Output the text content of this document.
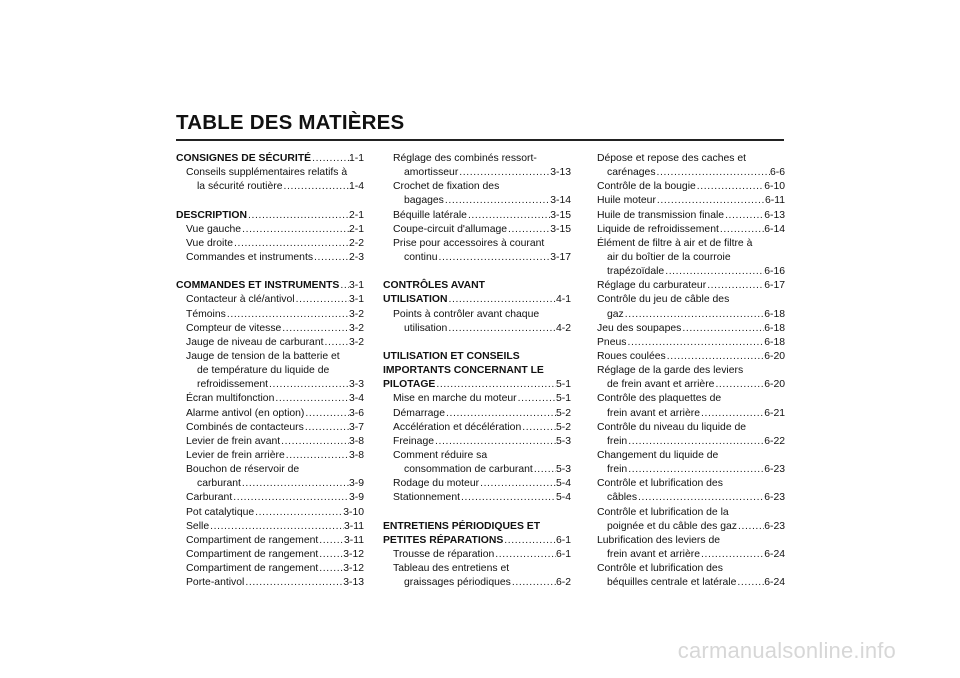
TABLE DES MATIÈRES
CONSIGNES DE SÉCURITÉ .....	1-1
Conseils supplémentaires relatifs à
la sécurité routière .....	1-4
DESCRIPTION .....	2-1
Vue gauche .....	2-1
Vue droite .....	2-2
Commandes et instruments .....	2-3
COMMANDES ET INSTRUMENTS ..... 3-1
Contacteur à clé/antivol .....	3-1
Témoins .....	3-2
Compteur de vitesse .....	3-2
Jauge de niveau de carburant ..... 3-2
Jauge de tension de la batterie et
de température du liquide de
refroidissement .....	3-3
Écran multifonction .....	3-4
Alarme antivol (en option) .....	3-6
Combinés de contacteurs .....	3-7
Levier de frein avant .....	3-8
Levier de frein arrière .....	3-8
Bouchon de réservoir de
carburant .....	3-9
Carburant .....	3-9
Pot catalytique .....	3-10
Selle .....	3-11
Compartiment de rangement ..... 3-11
Compartiment de rangement ..... 3-12
Compartiment de rangement ..... 3-12
Porte-antivol .....	3-13
Réglage des combinés ressort-
amortisseur .....	3-13
Crochet de fixation des
bagages .....	3-14
Béquille latérale .....	3-15
Coupe-circuit d'allumage .....	3-15
Prise pour accessoires à courant
continu .....	3-17
CONTRÔLES AVANT
UTILISATION .....	4-1
Points à contrôler avant chaque
utilisation .....	4-2
UTILISATION ET CONSEILS
IMPORTANTS CONCERNANT LE
PILOTAGE .....	5-1
Mise en marche du moteur .....	5-1
Démarrage .....	5-2
Accélération et décélération .....	5-2
Freinage .....	5-3
Comment réduire sa
consommation de carburant ..... 5-3
Rodage du moteur .....	5-4
Stationnement .....	5-4
ENTRETIENS PÉRIODIQUES ET
PETITES RÉPARATIONS .....	6-1
Trousse de réparation .....	6-1
Tableau des entretiens et
graissages périodiques .....	6-2
Dépose et repose des caches et
carénages .....	6-6
Contrôle de la bougie .....	6-10
Huile moteur .....	6-11
Huile de transmission finale .....	6-13
Liquide de refroidissement .....	6-14
Élément de filtre à air et de filtre à
air du boîtier de la courroie
trapézoïdale .....	6-16
Réglage du carburateur .....	6-17
Contrôle du jeu de câble des
gaz .....	6-18
Jeu des soupapes .....	6-18
Pneus .....	6-18
Roues coulées .....	6-20
Réglage de la garde des leviers
de frein avant et arrière .....	6-20
Contrôle des plaquettes de
frein avant et arrière .....	6-21
Contrôle du niveau du liquide de
frein .....	6-22
Changement du liquide de
frein .....	6-23
Contrôle et lubrification des
câbles .....	6-23
Contrôle et lubrification de la
poignée et du câble des gaz .....	6-23
Lubrification des leviers de
frein avant et arrière .....	6-24
Contrôle et lubrification des
béquilles centrale et latérale .....	6-24
carmanualsonline.info
